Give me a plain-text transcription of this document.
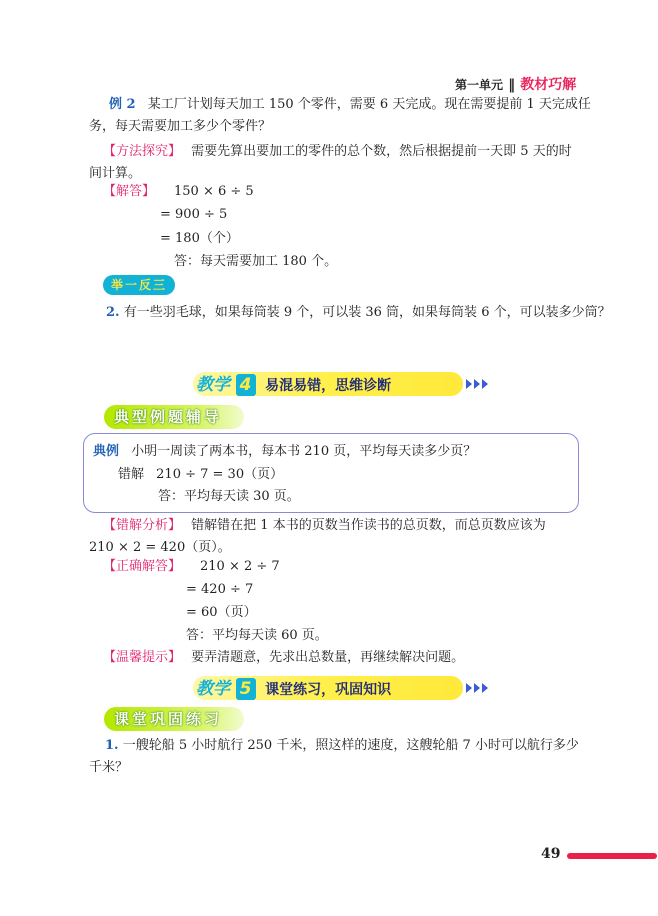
第一单元 ‖ 教材巧解
例 2 某工厂计划每天加工 150 个零件，需要 6 天完成。现在需要提前 1 天完成任
务，每天需要加工多少个零件？
【方法探究】 需要先算出要加工的零件的总个数，然后根据提前一天即 5 天的时
间计算。
【解答】 150 × 6 ÷ 5
= 900 ÷ 5
= 180（个）
答：每天需要加工 180 个。
举一反三
2. 有一些羽毛球，如果每筒装 9 个，可以装 36 筒，如果每筒装 6 个，可以装多少筒？
教学 4 易混易错，思维诊断
典型例题辅导
典例 小明一周读了两本书，每本书 210 页，平均每天读多少页？
错解 210 ÷ 7 = 30（页）
答：平均每天读 30 页。
【错解分析】 错解错在把 1 本书的页数当作读书的总页数，而总页数应该为
210 × 2 = 420（页）。
【正确解答】 210 × 2 ÷ 7
= 420 ÷ 7
= 60（页）
答：平均每天读 60 页。
【温馨提示】 要弄清题意，先求出总数量，再继续解决问题。
教学 5 课堂练习，巩固知识
课堂巩固练习
1. 一艘轮船 5 小时航行 250 千米，照这样的速度，这艘轮船 7 小时可以航行多少
千米？
49
